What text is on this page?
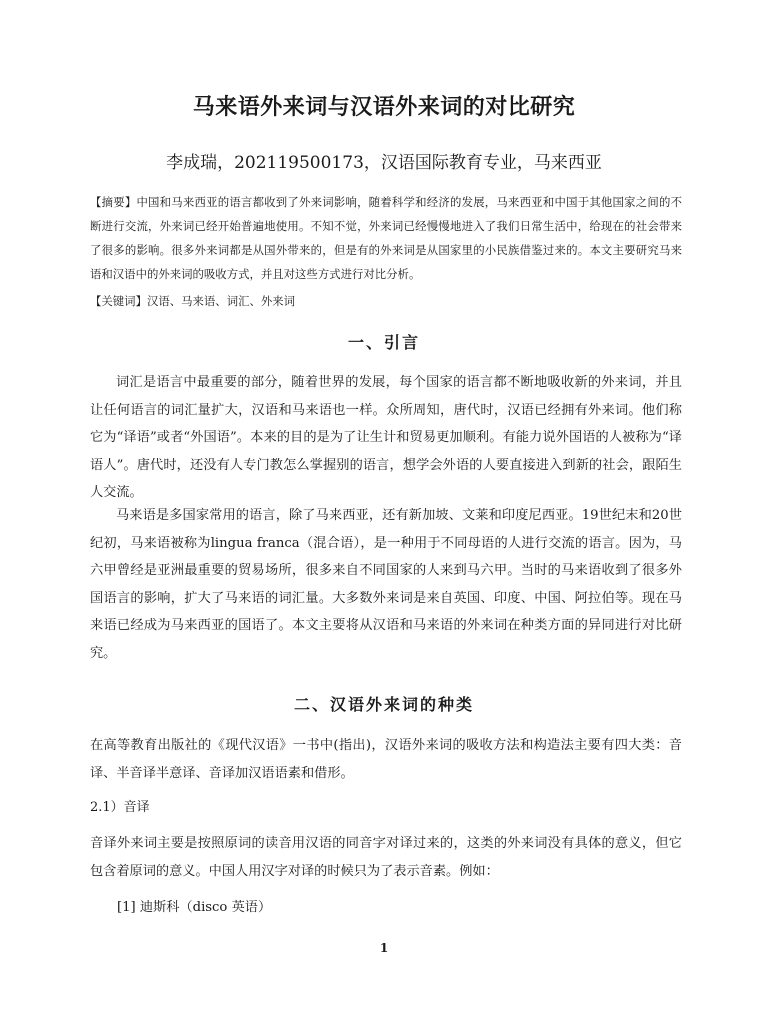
马来语外来词与汉语外来词的对比研究
李成瑞，202119500173，汉语国际教育专业，马来西亚
【摘要】中国和马来西亚的语言都收到了外来词影响，随着科学和经济的发展，马来西亚和中国于其他国家之间的不断进行交流，外来词已经开始普遍地使用。不知不觉，外来词已经慢慢地进入了我们日常生活中，给现在的社会带来了很多的影响。很多外来词都是从国外带来的，但是有的外来词是从国家里的小民族借鉴过来的。本文主要研究马来语和汉语中的外来词的吸收方式，并且对这些方式进行对比分析。
【关键词】汉语、马来语、词汇、外来词
一、引言
词汇是语言中最重要的部分，随着世界的发展，每个国家的语言都不断地吸收新的外来词，并且让任何语言的词汇量扩大，汉语和马来语也一样。众所周知，唐代时，汉语已经拥有外来词。他们称它为“译语”或者“外国语”。本来的目的是为了让生计和贸易更加顺利。有能力说外国语的人被称为“译语人”。唐代时，还没有人专门教怎么掌握别的语言，想学会外语的人要直接进入到新的社会，跟陌生人交流。
马来语是多国家常用的语言，除了马来西亚，还有新加坡、文莱和印度尼西亚。19世纪末和20世纪初，马来语被称为lingua franca（混合语），是一种用于不同母语的人进行交流的语言。因为，马六甲曾经是亚洲最重要的贸易场所，很多来自不同国家的人来到马六甲。当时的马来语收到了很多外国语言的影响，扩大了马来语的词汇量。大多数外来词是来自英国、印度、中国、阿拉伯等。现在马来语已经成为马来西亚的国语了。本文主要将从汉语和马来语的外来词在种类方面的异同进行对比研究。
二、汉语外来词的种类
在高等教育出版社的《现代汉语》一书中(指出)，汉语外来词的吸收方法和构造法主要有四大类：音译、半音译半意译、音译加汉语语素和借形。
2.1）音译
音译外来词主要是按照原词的读音用汉语的同音字对译过来的，这类的外来词没有具体的意义，但它包含着原词的意义。中国人用汉字对译的时候只为了表示音素。例如：
[1] 迪斯科（disco 英语）
1
